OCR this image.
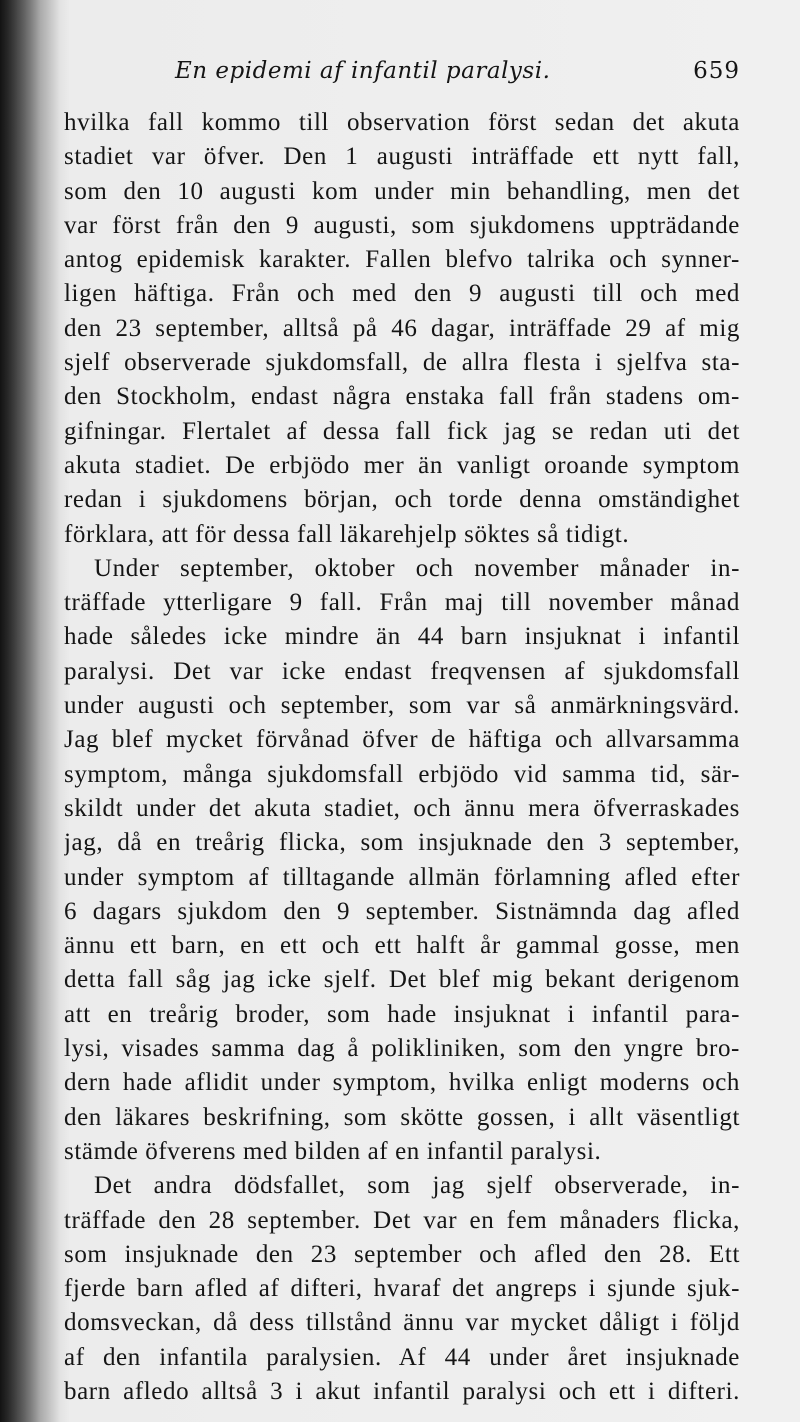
En epidemi af infantil paralysi.	659
hvilka fall kommo till observation först sedan det akuta
stadiet var öfver. Den 1 augusti inträffade ett nytt fall,
som den 10 augusti kom under min behandling, men det
var först från den 9 augusti, som sjukdomens uppträdande
antog epidemisk karakter. Fallen blefvo talrika och synner-
ligen häftiga. Från och med den 9 augusti till och med
den 23 september, alltså på 46 dagar, inträffade 29 af mig
sjelf observerade sjukdomsfall, de allra flesta i sjelfva sta-
den Stockholm, endast några enstaka fall från stadens om-
gifningar. Flertalet af dessa fall fick jag se redan uti det
akuta stadiet. De erbjödo mer än vanligt oroande symptom
redan i sjukdomens början, och torde denna omständighet
förklara, att för dessa fall läkarehjelp söktes så tidigt.
Under september, oktober och november månader in-
träffade ytterligare 9 fall. Från maj till november månad
hade således icke mindre än 44 barn insjuknat i infantil
paralysi. Det var icke endast freqvensen af sjukdomsfall
under augusti och september, som var så anmärkningsvärd.
Jag blef mycket förvånad öfver de häftiga och allvarsamma
symptom, många sjukdomsfall erbjödo vid samma tid, sär-
skildt under det akuta stadiet, och ännu mera öfverraskades
jag, då en treårig flicka, som insjuknade den 3 september,
under symptom af tilltagande allmän förlamning afled efter
6 dagars sjukdom den 9 september. Sistnämnda dag afled
ännu ett barn, en ett och ett halft år gammal gosse, men
detta fall såg jag icke sjelf. Det blef mig bekant derigenom
att en treårig broder, som hade insjuknat i infantil para-
lysi, visades samma dag å polikliniken, som den yngre bro-
dern hade aflidit under symptom, hvilka enligt moderns och
den läkares beskrifning, som skötte gossen, i allt väsentligt
stämde öfverens med bilden af en infantil paralysi.
Det andra dödsfallet, som jag sjelf observerade, in-
träffade den 28 september. Det var en fem månaders flicka,
som insjuknade den 23 september och afled den 28. Ett
fjerde barn afled af difteri, hvaraf det angreps i sjunde sjuk-
domsveckan, då dess tillstånd ännu var mycket dåligt i följd
af den infantila paralysien. Af 44 under året insjuknade
barn afledo alltså 3 i akut infantil paralysi och ett i difteri.
